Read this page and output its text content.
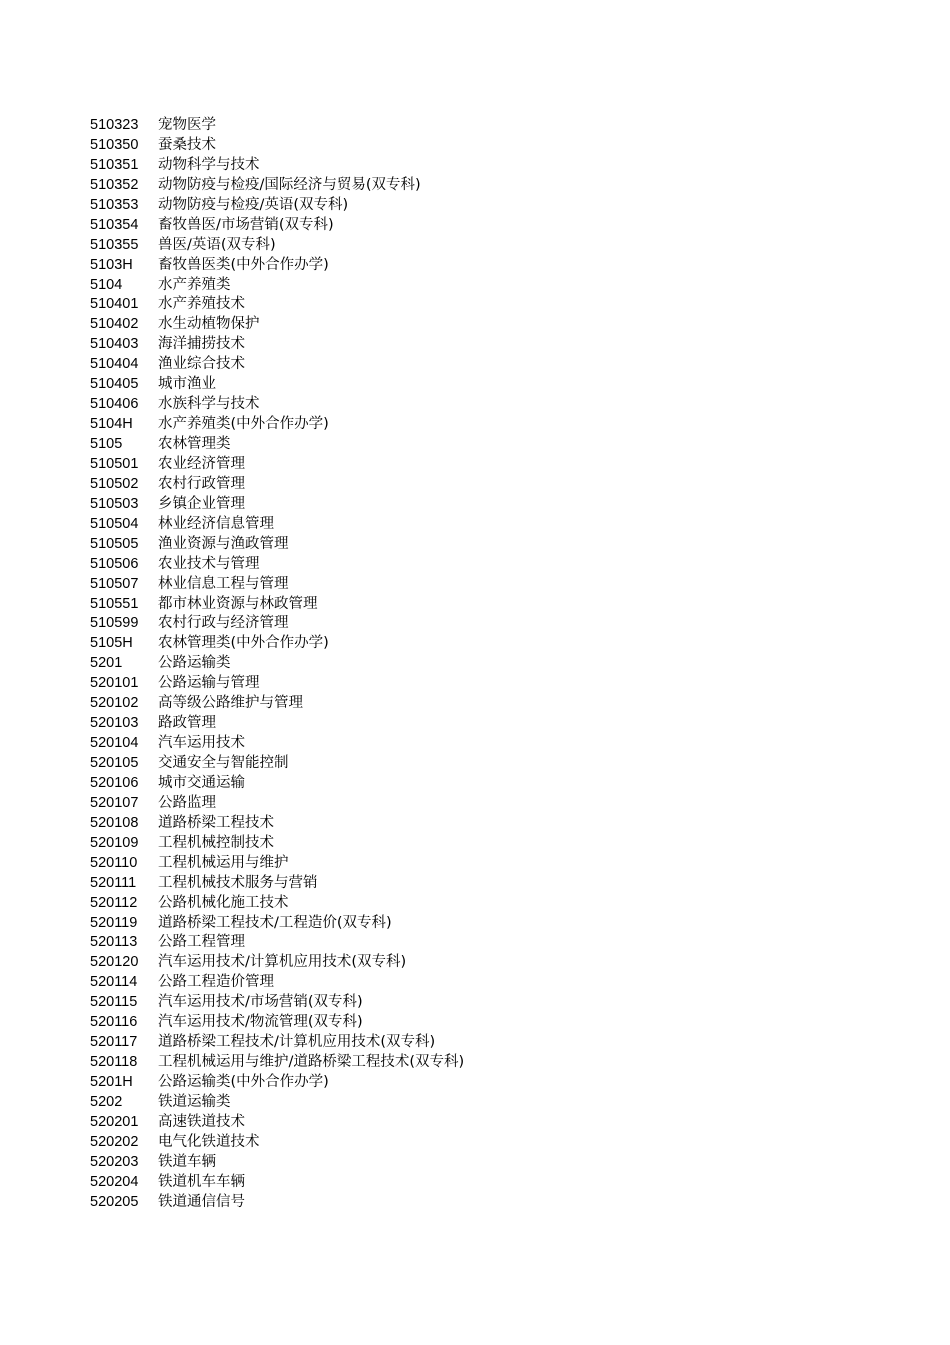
510323 宠物医学
510350 蚕桑技术
510351 动物科学与技术
510352 动物防疫与检疫/国际经济与贸易(双专科)
510353 动物防疫与检疫/英语(双专科)
510354 畜牧兽医/市场营销(双专科)
510355 兽医/英语(双专科)
5103H 畜牧兽医类(中外合作办学)
5104 水产养殖类
510401 水产养殖技术
510402 水生动植物保护
510403 海洋捕捞技术
510404 渔业综合技术
510405 城市渔业
510406 水族科学与技术
5104H 水产养殖类(中外合作办学)
5105 农林管理类
510501 农业经济管理
510502 农村行政管理
510503 乡镇企业管理
510504 林业经济信息管理
510505 渔业资源与渔政管理
510506 农业技术与管理
510507 林业信息工程与管理
510551 都市林业资源与林政管理
510599 农村行政与经济管理
5105H 农林管理类(中外合作办学)
5201 公路运输类
520101 公路运输与管理
520102 高等级公路维护与管理
520103 路政管理
520104 汽车运用技术
520105 交通安全与智能控制
520106 城市交通运输
520107 公路监理
520108 道路桥梁工程技术
520109 工程机械控制技术
520110 工程机械运用与维护
520111 工程机械技术服务与营销
520112 公路机械化施工技术
520119 道路桥梁工程技术/工程造价(双专科)
520113 公路工程管理
520120 汽车运用技术/计算机应用技术(双专科)
520114 公路工程造价管理
520115 汽车运用技术/市场营销(双专科)
520116 汽车运用技术/物流管理(双专科)
520117 道路桥梁工程技术/计算机应用技术(双专科)
520118 工程机械运用与维护/道路桥梁工程技术(双专科)
5201H 公路运输类(中外合作办学)
5202 铁道运输类
520201 高速铁道技术
520202 电气化铁道技术
520203 铁道车辆
520204 铁道机车车辆
520205 铁道通信信号
